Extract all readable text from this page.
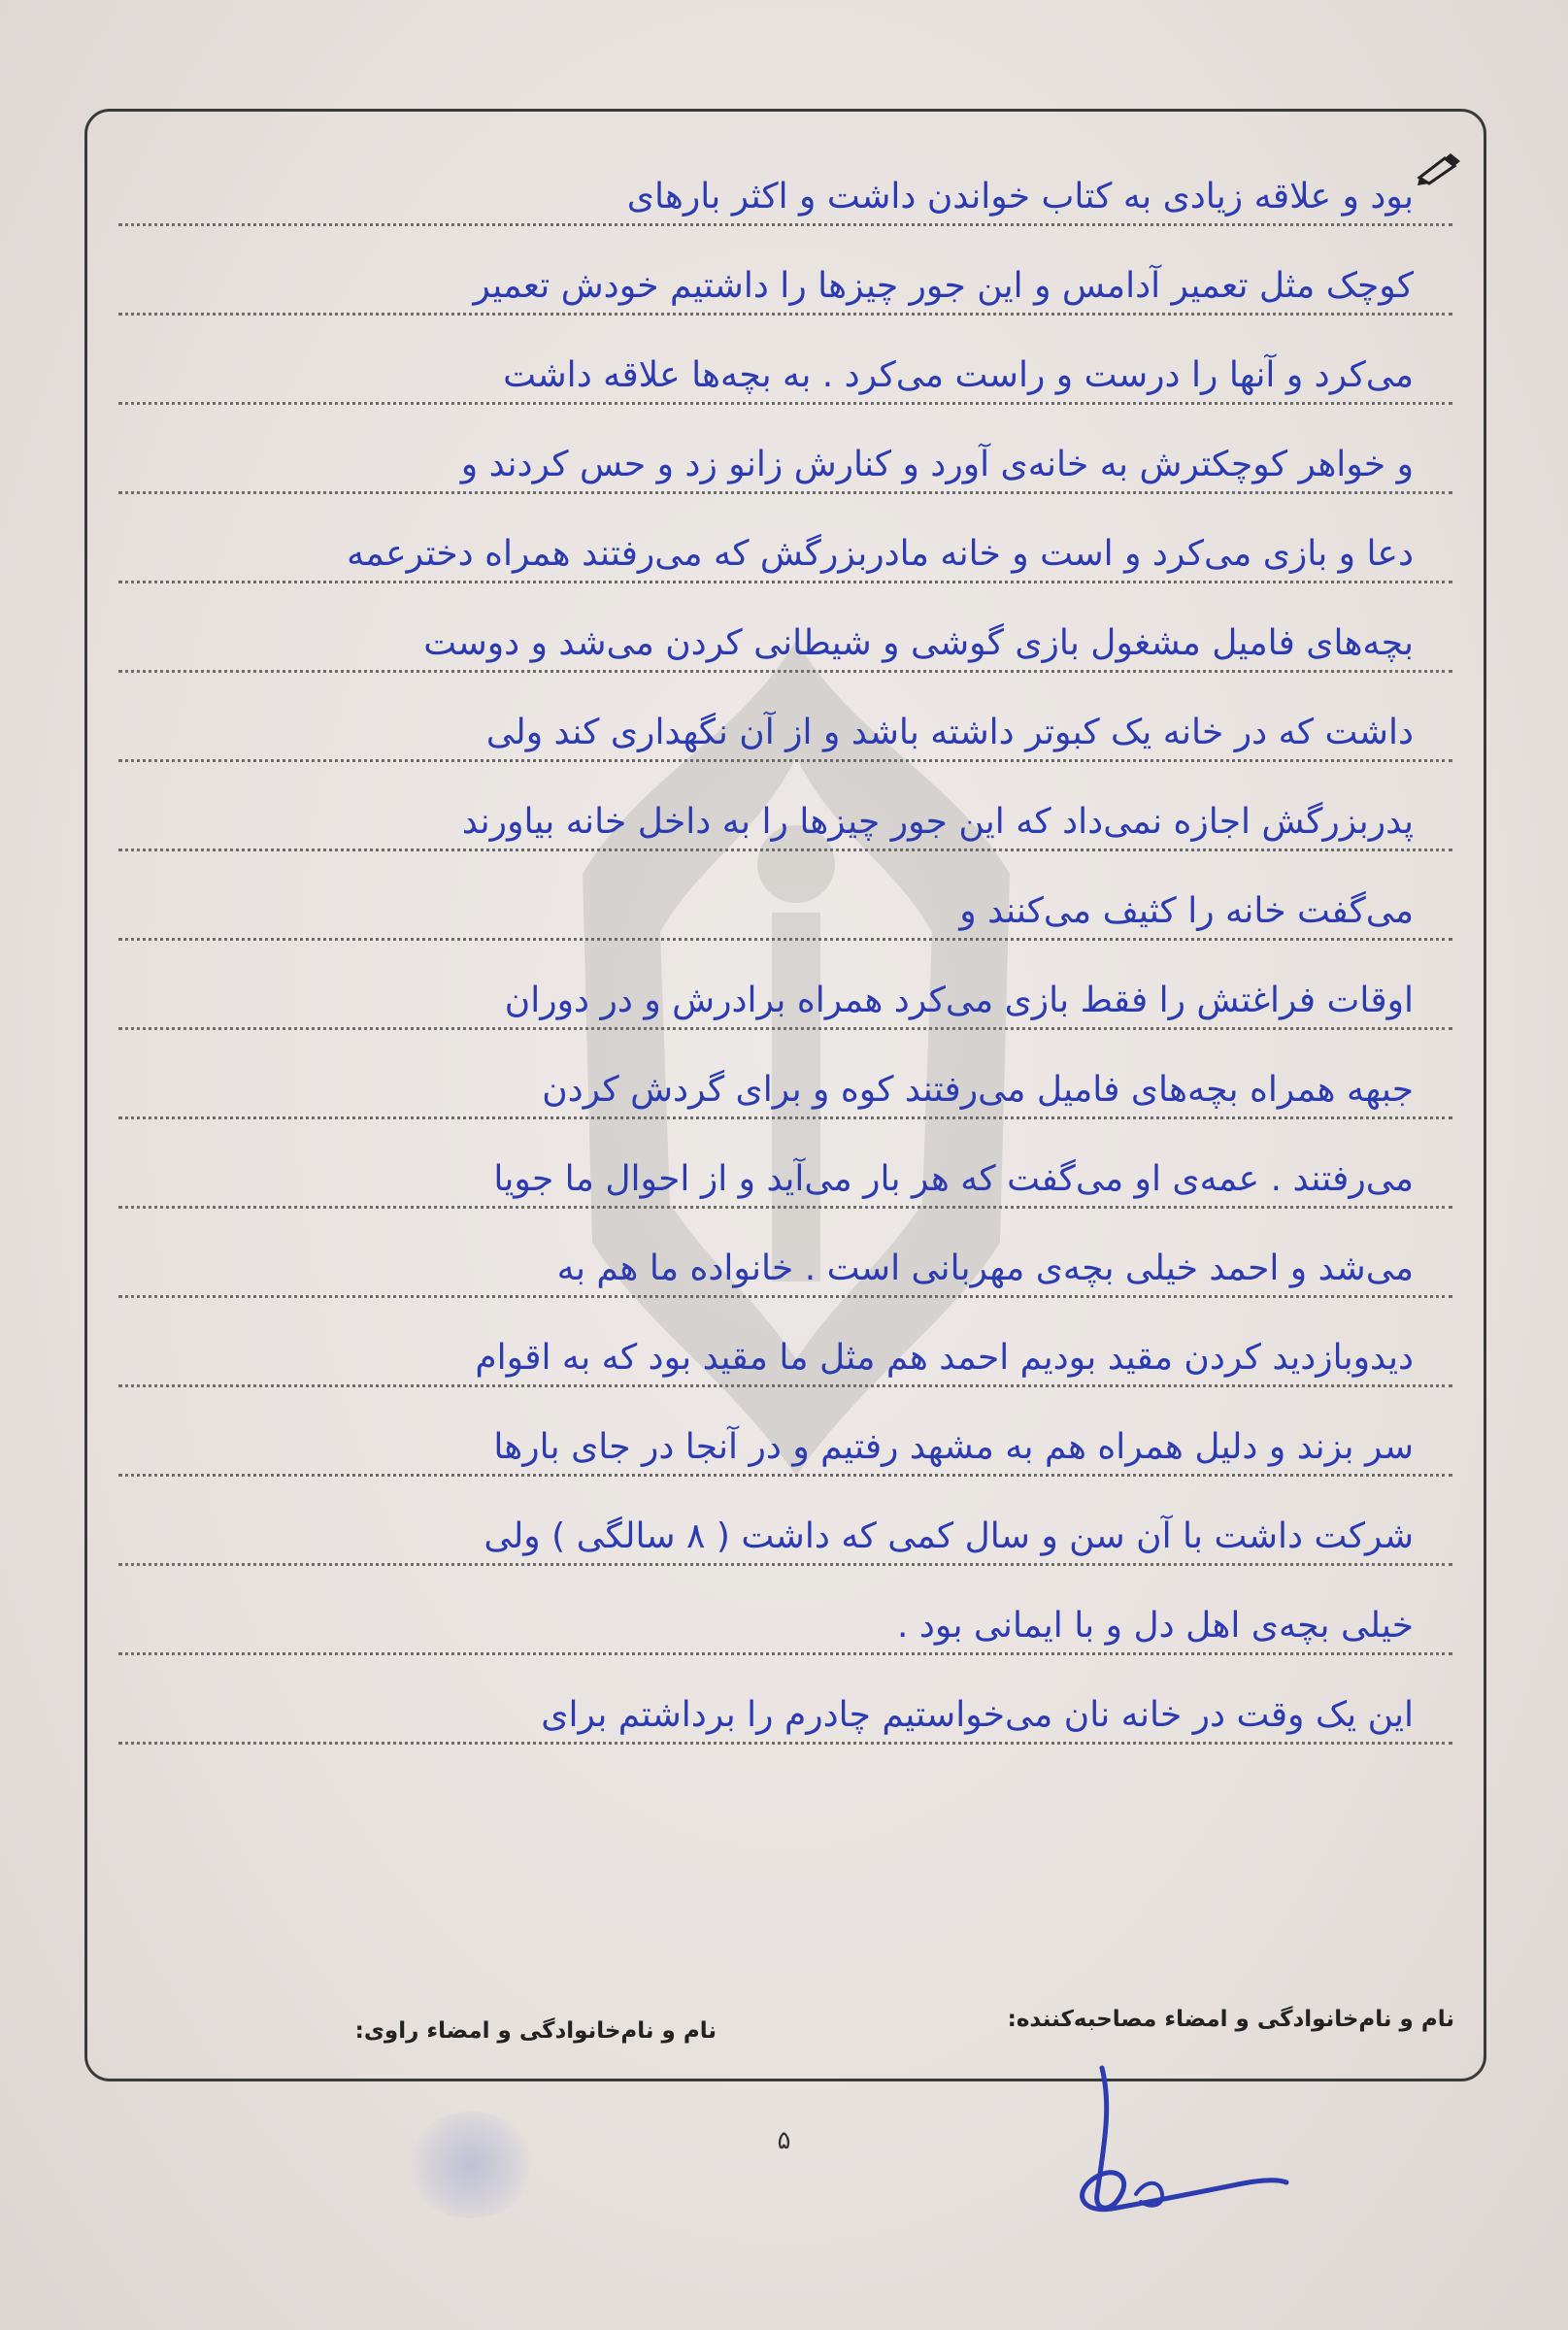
بود و علاقه زیادی به کتاب خواندن داشت و اکثر بارهای
کوچک مثل تعمیر آدامس و این جور چیزها را داشتیم خودش تعمیر
می‌کرد و آنها را درست و راست می‌کرد . به بچه‌ها علاقه داشت
و خواهر کوچکترش به خانه‌ی آورد و کنارش زانو زد و حس کردند و
دعا و بازی می‌کرد و است و خانه مادربزرگش که می‌رفتند همراه دخترعمه
بچه‌های فامیل مشغول بازی گوشی و شیطانی کردن می‌شد و دوست
داشت که در خانه یک کبوتر داشته باشد و از آن نگهداری کند ولی
پدربزرگش اجازه نمی‌داد که این جور چیزها را به داخل خانه بیاورند
می‌گفت خانه را کثیف می‌کنند و
اوقات فراغتش را فقط بازی می‌کرد همراه برادرش و در دوران
جبهه همراه بچه‌های فامیل می‌رفتند کوه و برای گردش کردن
می‌رفتند . عمه‌ی او می‌گفت که هر بار می‌آید و از احوال ما جویا
می‌شد و احمد خیلی بچه‌ی مهربانی است . خانواده ما هم به
دیدوبازدید کردن مقید بودیم احمد هم مثل ما مقید بود که به اقوام
سر بزند و دلیل همراه هم به مشهد رفتیم و در آنجا در جای بارها
شرکت داشت با آن سن و سال کمی که داشت ( ۸ سالگی ) ولی
خیلی بچه‌ی اهل دل و با ایمانی بود .
این یک وقت در خانه نان می‌خواستیم چادرم را برداشتم برای
نام و نام‌خانوادگی و امضاء مصاحبه‌کننده:
نام و نام‌خانوادگی و امضاء راوی:
۵
